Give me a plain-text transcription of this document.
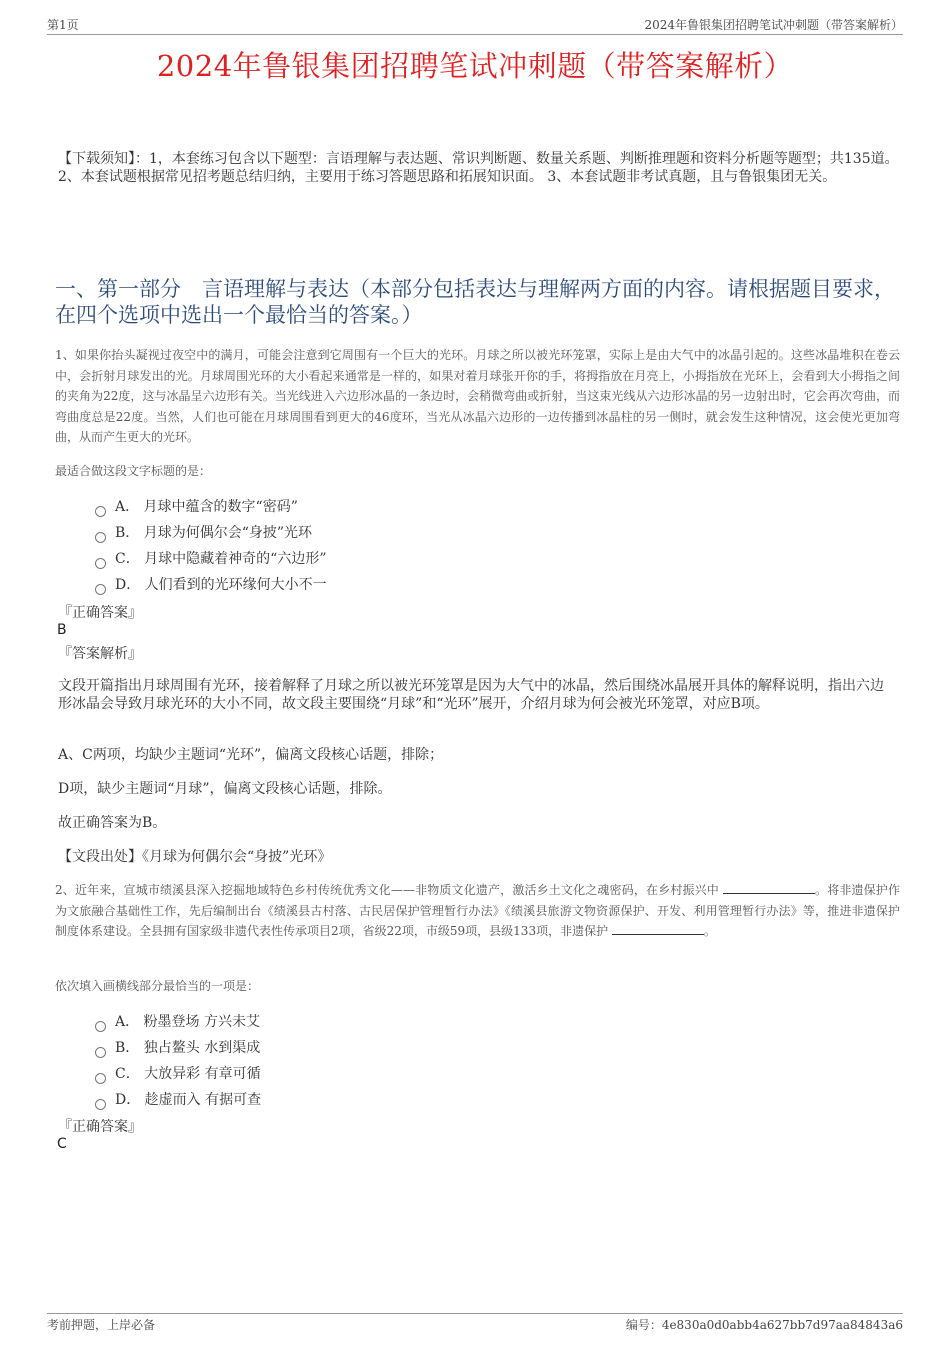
第1页	2024年鲁银集团招聘笔试冲刺题（带答案解析）
2024年鲁银集团招聘笔试冲刺题（带答案解析）
【下载须知】：1，本套练习包含以下题型：言语理解与表达题、常识判断题、数量关系题、判断推理题和资料分析题等题型；共135道。 2、本套试题根据常见招考题总结归纳，主要用于练习答题思路和拓展知识面。 3、本套试题非考试真题，且与鲁银集团无关。
一、第一部分　言语理解与表达（本部分包括表达与理解两方面的内容。请根据题目要求，在四个选项中选出一个最恰当的答案。）
1、如果你抬头凝视过夜空中的满月，可能会注意到它周围有一个巨大的光环。月球之所以被光环笼罩，实际上是由大气中的冰晶引起的。这些冰晶堆积在卷云中，会折射月球发出的光。月球周围光环的大小看起来通常是一样的，如果对着月球张开你的手，将拇指放在月亮上，小拇指放在光环上，会看到大小拇指之间的夹角为22度，这与冰晶呈六边形有关。当光线进入六边形冰晶的一条边时，会稍微弯曲或折射，当这束光线从六边形冰晶的另一边射出时，它会再次弯曲，而弯曲度总是22度。当然，人们也可能在月球周围看到更大的46度环，当光从冰晶六边形的一边传播到冰晶柱的另一侧时，就会发生这种情况，这会使光更加弯曲，从而产生更大的光环。
最适合做这段文字标题的是：
A． 月球中蕴含的数字“密码”
B． 月球为何偶尔会“身披”光环
C． 月球中隐藏着神奇的“六边形”
D． 人们看到的光环缘何大小不一
『正确答案』
B
『答案解析』
文段开篇指出月球周围有光环，接着解释了月球之所以被光环笼罩是因为大气中的冰晶，然后围绕冰晶展开具体的解释说明，指出六边形冰晶会导致月球光环的大小不同，故文段主要围绕“月球”和“光环”展开，介绍月球为何会被光环笼罩，对应B项。
A、C两项，均缺少主题词“光环”，偏离文段核心话题，排除；
D项，缺少主题词“月球”，偏离文段核心话题，排除。
故正确答案为B。
【文段出处】《月球为何偶尔会“身披”光环》
2、近年来，宣城市绩溪县深入挖掘地域特色乡村传统优秀文化——非物质文化遗产，激活乡土文化之魂密码，在乡村振兴中	。将非遗保护作为文旅融合基础性工作，先后编制出台《绩溪县古村落、古民居保护管理暂行办法》《绩溪县旅游文物资源保护、开发、利用管理暂行办法》等，推进非遗保护制度体系建设。全县拥有国家级非遗代表性传承项目2项，省级22项，市级59项，县级133项，非遗保护	。
依次填入画横线部分最恰当的一项是：
A． 粉墨登场 方兴未艾
B． 独占鳌头 水到渠成
C． 大放异彩 有章可循
D． 趁虚而入 有据可查
『正确答案』
C
考前押题，上岸必备	编号：4e830a0d0abb4a627bb7d97aa84843a6
